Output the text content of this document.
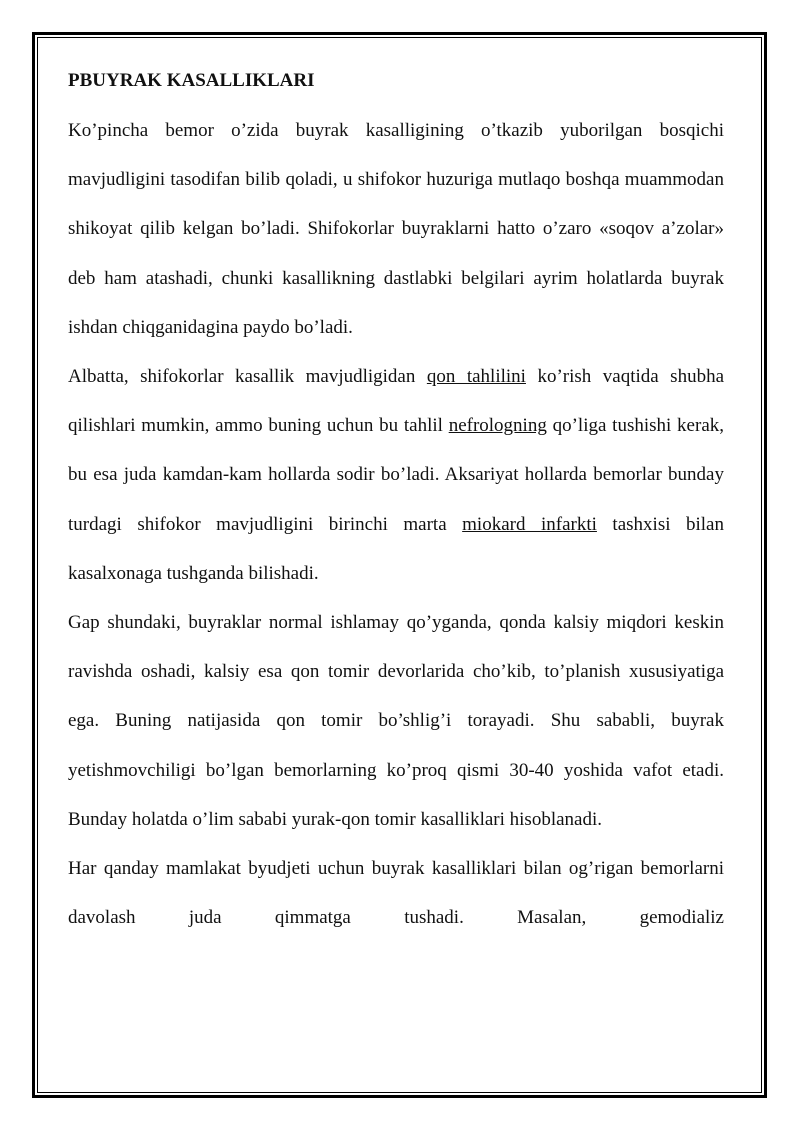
PBUYRAK KASALLIKLARI

Ko’pincha bemor o’zida buyrak kasalligining o’tkazib yuborilgan bosqichi mavjudligini tasodifan bilib qoladi, u shifokor huzuriga mutlaqo boshqa muammodan shikoyat qilib kelgan bo’ladi. Shifokorlar buyraklarni hatto o’zaro «soqov a’zolar» deb ham atashadi, chunki kasallikning dastlabki belgilari ayrim holatlarda buyrak ishdan chiqganidagina paydo bo’ladi.

Albatta, shifokorlar kasallik mavjudligidan qon tahlilini ko’rish vaqtida shubha qilishlari mumkin, ammo buning uchun bu tahlil nefrologning qo’liga tushishi kerak, bu esa juda kamdan-kam hollarda sodir bo’ladi. Aksariyat hollarda bemorlar bunday turdagi shifokor mavjudligini birinchi marta miokard infarkti tashxisi bilan kasalxonaga tushganda bilishadi.

Gap shundaki, buyraklar normal ishlamay qo’yganda, qonda kalsiy miqdori keskin ravishda oshadi, kalsiy esa qon tomir devorlarida cho’kib, to’planish xususiyatiga ega. Buning natijasida qon tomir bo’shlig’i torayadi. Shu sababli, buyrak yetishmovchiligi bo’lgan bemorlarning ko’proq qismi 30-40 yoshida vafot etadi. Bunday holatda o’lim sababi yurak-qon tomir kasalliklari hisoblanadi.

Har qanday mamlakat byudjeti uchun buyrak kasalliklari bilan og’rigan bemorlarni davolash juda qimmatga tushadi. Masalan, gemodializ
